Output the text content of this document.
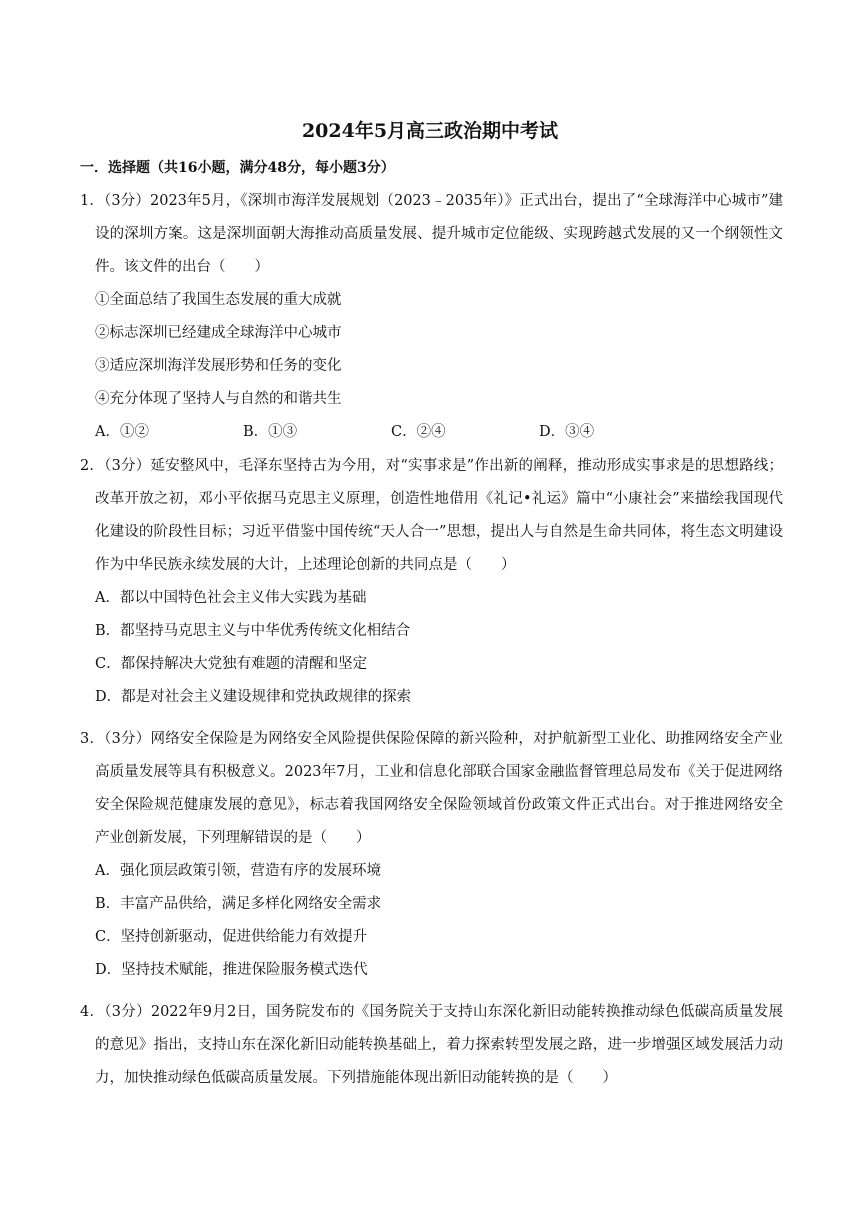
2024年5月高三政治期中考试
一．选择题（共16小题，满分48分，每小题3分）

1．（3分）2023年5月，《深圳市海洋发展规划（2023﹣2035年）》正式出台，提出了“全球海洋中心城市”建设的深圳方案。这是深圳面朝大海推动高质量发展、提升城市定位能级、实现跨越式发展的又一个纲领性文件。该文件的出台（　　）

①全面总结了我国生态发展的重大成就

②标志深圳已经建成全球海洋中心城市

③适应深圳海洋发展形势和任务的变化

④充分体现了坚持人与自然的和谐共生

A．①②	B．①③	C．②④	D．③④

2．（3分）延安整风中，毛泽东坚持古为今用，对“实事求是”作出新的阐释，推动形成实事求是的思想路线；改革开放之初，邓小平依据马克思主义原理，创造性地借用《礼记•礼运》篇中“小康社会”来描绘我国现代化建设的阶段性目标；习近平借鉴中国传统“天人合一”思想，提出人与自然是生命共同体，将生态文明建设作为中华民族永续发展的大计，上述理论创新的共同点是（　　）

A．都以中国特色社会主义伟大实践为基础

B．都坚持马克思主义与中华优秀传统文化相结合

C．都保持解决大党独有难题的清醒和坚定

D．都是对社会主义建设规律和党执政规律的探索

3．（3分）网络安全保险是为网络安全风险提供保险保障的新兴险种，对护航新型工业化、助推网络安全产业高质量发展等具有积极意义。2023年7月，工业和信息化部联合国家金融监督管理总局发布《关于促进网络安全保险规范健康发展的意见》，标志着我国网络安全保险领域首份政策文件正式出台。对于推进网络安全产业创新发展，下列理解错误的是（　　）

A．强化顶层政策引领，营造有序的发展环境

B．丰富产品供给，满足多样化网络安全需求

C．坚持创新驱动，促进供给能力有效提升

D．坚持技术赋能，推进保险服务模式迭代

4．（3分）2022年9月2日，国务院发布的《国务院关于支持山东深化新旧动能转换推动绿色低碳高质量发展的意见》指出，支持山东在深化新旧动能转换基础上，着力探索转型发展之路，进一步增强区域发展活力动力，加快推动绿色低碳高质量发展。下列措施能体现出新旧动能转换的是（　　）
